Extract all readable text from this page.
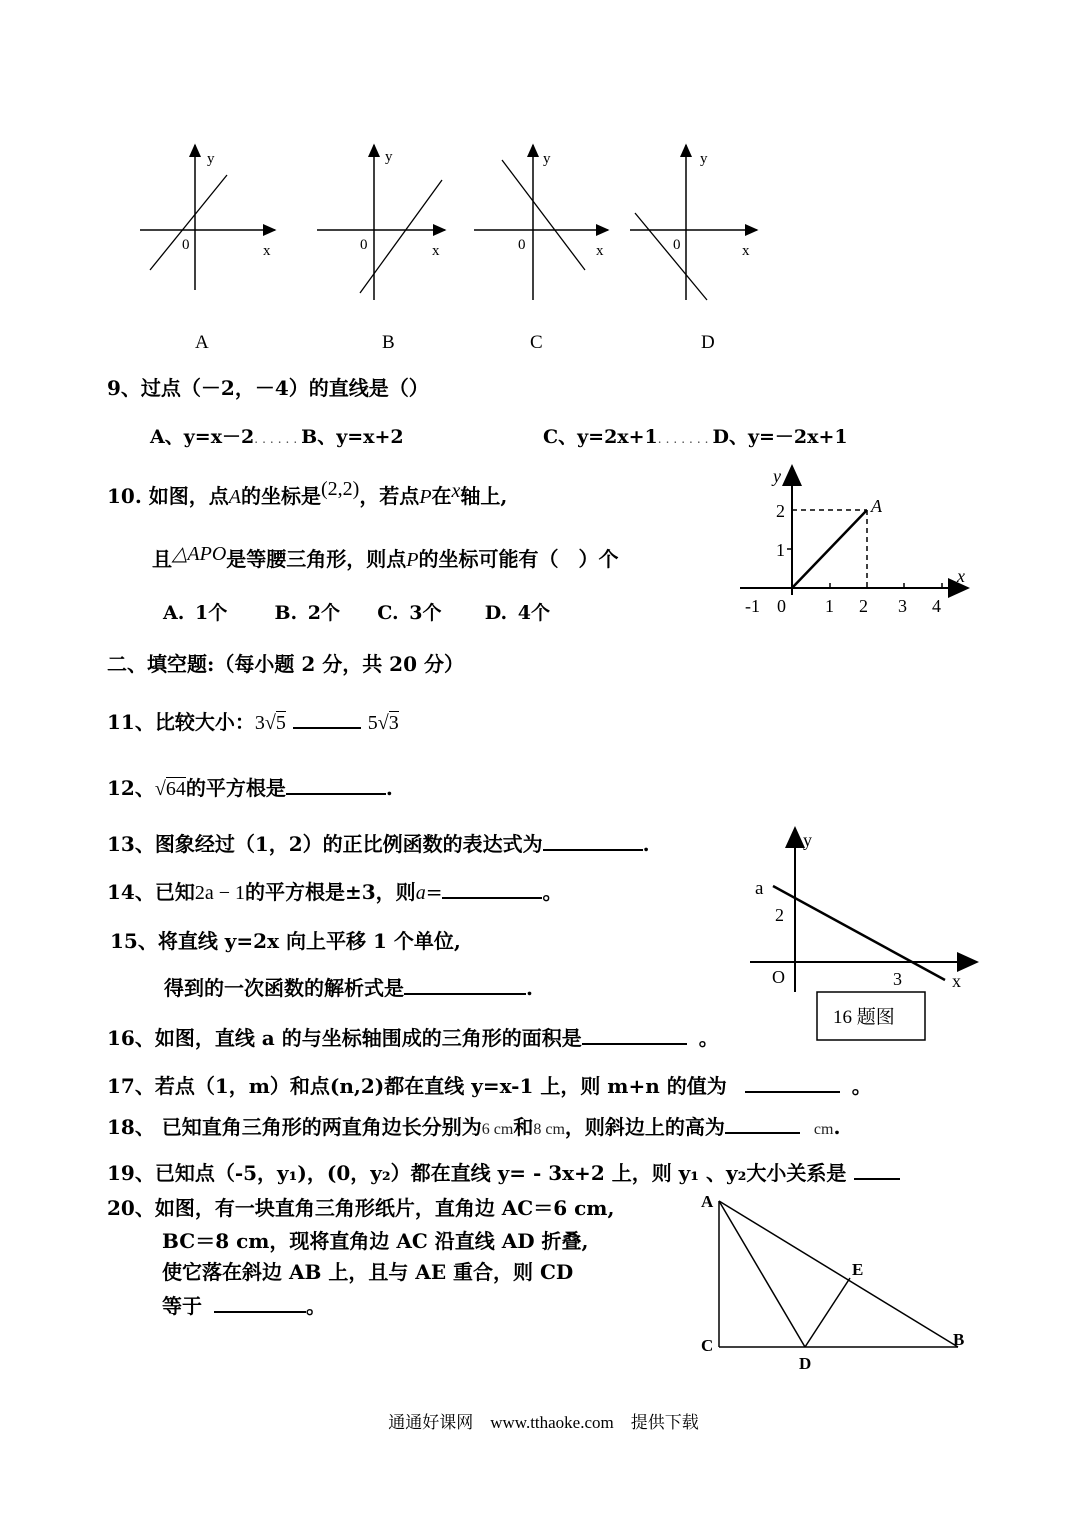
y
0	x
y
0	x
y
0	x
y
0	x
A	B	C	D
9、过点（－2，－4）的直线是（）
A、y=x－2......B、y=x+2	C、y=2x+1.......D、y=－2x+1
10. 如图，点A的坐标是(2,2)，若点P在x轴上,
且△APO是等腰三角形，则点P的坐标可能有（　）个
A. 1个 B. 2个 C. 3个 D. 4个
y
x
A
2
1
-1 0 1 2 3 4
二、填空题:（每小题 2 分，共 20 分）
11、比较大小：3√5	5√3
12、√64的平方根是	.
13、图象经过（1，2）的正比例函数的表达式为	.
14、已知2a − 1的平方根是±3，则a=	。
15、将直线 y=2x 向上平移 1 个单位,
得到的一次函数的解析式是	.
y
x
a
2
3
O
16 题图
16、如图，直线 a 的与坐标轴围成的三角形的面积是	。
17、若点（1，m）和点(n,2)都在直线 y=x-1 上，则 m+n 的值为	。
18、 已知直角三角形的两直角边长分别为6 cm和8 cm，则斜边上的高为	cm.
19、已知点（-5，y₁)，(0，y₂）都在直线 y= - 3x+2 上，则 y₁ 、y₂大小关系是
20、如图，有一块直角三角形纸片，直角边 AC＝6 cm,
BC＝8 cm，现将直角边 AC 沿直线 AD 折叠,
使它落在斜边 AB 上，且与 AE 重合，则 CD
等于	。
A
E
B
C
D
通通好课网　www.tthaoke.com　提供下载
